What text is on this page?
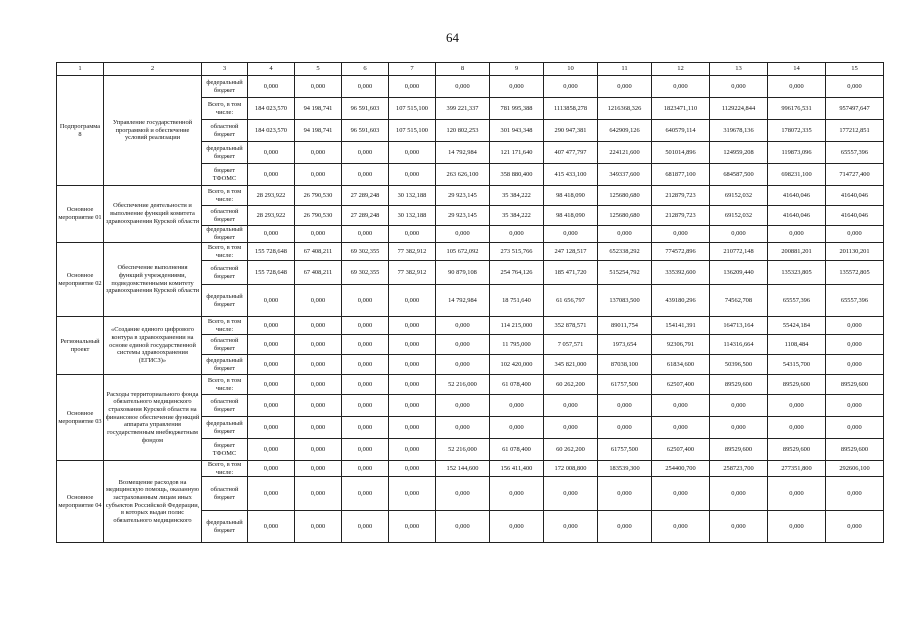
64
1	2	3	4	5	6	7	8	9	10	11	12	13	14	15
Подпрограмма 8	Управление государственной программой и обеспечение условий реализации	федеральный бюджет	0,000	0,000	0,000	0,000	0,000	0,000	0,000	0,000	0,000	0,000	0,000	0,000
		Всего, в том числе:	184 023,570	94 198,741	96 591,603	107 515,100	399 221,337	781 995,388	1113858,278	1216368,326	1823471,110	1129224,844	996176,531	957497,647
		областной бюджет	184 023,570	94 198,741	96 591,603	107 515,100	120 802,253	301 943,348	290 947,381	642909,126	640579,114	319678,136	178072,335	177212,851
		федеральный бюджет	0,000	0,000	0,000	0,000	14 792,984	121 171,640	407 477,797	224121,600	501014,896	124959,208	119873,096	65557,396
		бюджет ТФОМС	0,000	0,000	0,000	0,000	263 626,100	358 880,400	415 433,100	349337,600	681877,100	684587,500	698231,100	714727,400
Основное мероприятие 01	Обеспечение деятельности и выполнение функций комитета здравоохранения Курской области	Всего, в том числе:	28 293,922	26 790,530	27 289,248	30 132,188	29 923,145	35 384,222	98 418,090	125680,680	212879,723	69152,032	41640,046	41640,046
		областной бюджет	28 293,922	26 790,530	27 289,248	30 132,188	29 923,145	35 384,222	98 418,090	125680,680	212879,723	69152,032	41640,046	41640,046
		федеральный бюджет	0,000	0,000	0,000	0,000	0,000	0,000	0,000	0,000	0,000	0,000	0,000	0,000
Основное мероприятие 02	Обеспечение выполнения функций учреждениями, подведомственными комитету здравоохранения Курской области	Всего, в том числе:	155 728,648	67 408,211	69 302,355	77 382,912	105 672,092	273 515,766	247 128,517	652338,292	774572,896	210772,148	200881,201	201130,201
		областной бюджет	155 728,648	67 408,211	69 302,355	77 382,912	90 879,108	254 764,126	185 471,720	515254,792	335392,600	136209,440	135323,805	135572,805
		федеральный бюджет	0,000	0,000	0,000	0,000	14 792,984	18 751,640	61 656,797	137083,500	439180,296	74562,708	65557,396	65557,396
Региональный проект	«Создание единого цифрового контура в здравоохранении на основе единой государственной системы здравоохранения (ЕГИСЗ)»	Всего, в том числе:	0,000	0,000	0,000	0,000	0,000	114 215,000	352 878,571	89011,754	154141,391	164713,164	55424,184	0,000
		областной бюджет	0,000	0,000	0,000	0,000	0,000	11 795,000	7 057,571	1973,654	92306,791	114316,664	1108,484	0,000
		федеральный бюджет	0,000	0,000	0,000	0,000	0,000	102 420,000	345 821,000	87038,100	61834,600	50396,500	54315,700	0,000
Основное мероприятие 03	Расходы территориального фонда обязательного медицинского страхования Курской области на финансовое обеспечение функций аппарата управления государственным внебюджетным фондом	Всего, в том числе:	0,000	0,000	0,000	0,000	52 216,000	61 078,400	60 262,200	61757,500	62507,400	89529,600	89529,600	89529,600
		областной бюджет	0,000	0,000	0,000	0,000	0,000	0,000	0,000	0,000	0,000	0,000	0,000	0,000
		федеральный бюджет	0,000	0,000	0,000	0,000	0,000	0,000	0,000	0,000	0,000	0,000	0,000	0,000
		бюджет ТФОМС	0,000	0,000	0,000	0,000	52 216,000	61 078,400	60 262,200	61757,500	62507,400	89529,600	89529,600	89529,600
Основное мероприятие 04	Возмещение расходов на медицинскую помощь, оказанную застрахованным лицам иных субъектов Российской Федерации, в которых выдан полис обязательного медицинского	Всего, в том числе:	0,000	0,000	0,000	0,000	152 144,600	156 411,400	172 008,800	183539,300	254400,700	258723,700	277351,800	292606,100
		областной бюджет	0,000	0,000	0,000	0,000	0,000	0,000	0,000	0,000	0,000	0,000	0,000	0,000
		федеральный бюджет	0,000	0,000	0,000	0,000	0,000	0,000	0,000	0,000	0,000	0,000	0,000	0,000
